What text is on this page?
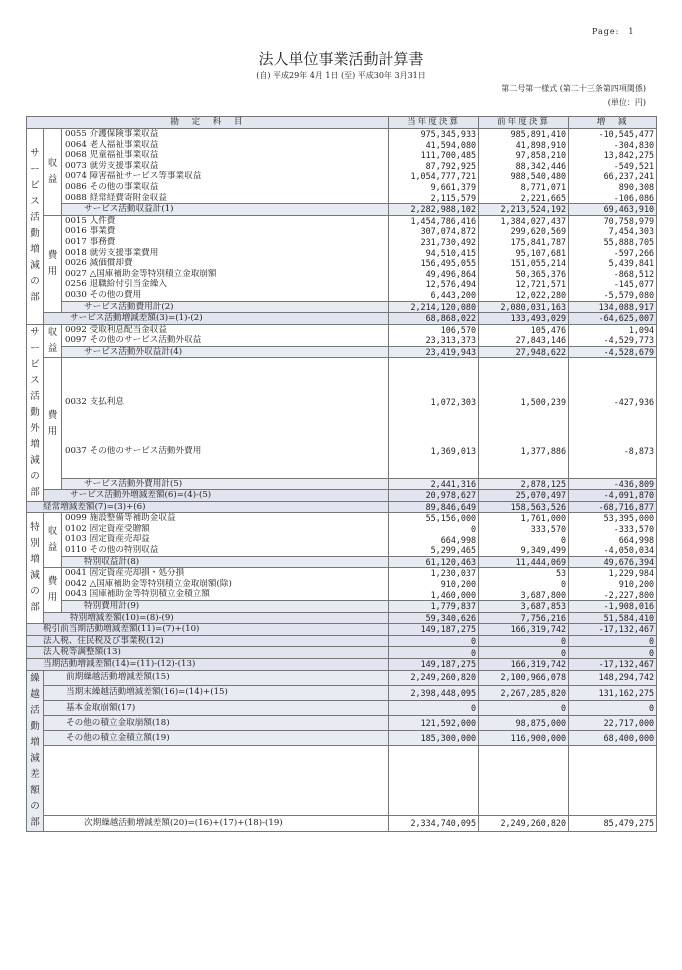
Page:　1
法人単位事業活動計算書
(自) 平成29年 4月 1日 (至) 平成30年 3月31日
第二号第一様式 (第二十三条第四項関係)
(単位：円)
勘　定　科　目			当年度決算	前年度決算	増　減
サービス活動増減の部	収益	0055 介護保険事業収益	975,345,933	985,891,410	-10,545,477
		0064 老人福祉事業収益	41,594,080	41,898,910	-304,830
		0068 児童福祉事業収益	111,700,485	97,858,210	13,842,275
		0073 就労支援事業収益	87,792,925	88,342,446	-549,521
		0074 障害福祉サービス等事業収益	1,054,777,721	988,540,480	66,237,241
		0086 その他の事業収益	9,661,379	8,771,071	890,308
		0088 経常経費寄附金収益	2,115,579	2,221,665	-106,086
		サービス活動収益計(1)	2,282,988,102	2,213,524,192	69,463,910
	費用	0015 人件費	1,454,786,416	1,384,027,437	70,758,979
		0016 事業費	307,074,872	299,620,569	7,454,303
		0017 事務費	231,730,492	175,841,787	55,888,705
		0018 就労支援事業費用	94,510,415	95,107,681	-597,266
		0026 減価償却費	156,495,055	151,055,214	5,439,841
		0027 △国庫補助金等特別積立金取崩額	49,496,864	50,365,376	-868,512
		0256 退職給付引当金繰入	12,576,494	12,721,571	-145,077
		0030 その他の費用	6,443,200	12,022,280	-5,579,080
		サービス活動費用計(2)	2,214,120,080	2,080,031,163	134,088,917
	サービス活動増減差額(3)=(1)-(2)		68,868,022	133,493,029	-64,625,007
サービス活動外増減の部	収益	0092 受取利息配当金収益	106,570	105,476	1,094
		0097 その他のサービス活動外収益	23,313,373	27,843,146	-4,529,773
		サービス活動外収益計(4)	23,419,943	27,948,622	-4,528,679
	費用	0032 支払利息	1,072,303	1,500,239	-427,936
		0037 その他のサービス活動外費用	1,369,013	1,377,886	-8,873

		サービス活動外費用計(5)	2,441,316	2,878,125	-436,809
	サービス活動外増減差額(6)=(4)-(5)		20,978,627	25,070,497	-4,091,870
経常増減差額(7)=(3)+(6)			89,846,649	158,563,526	-68,716,877
特別増減の部	収益	0099 施設整備等補助金収益	55,156,000	1,761,000	53,395,000
		0102 固定資産受贈額	0	333,570	-333,570
		0103 固定資産売却益	664,998	0	664,998
		0110 その他の特別収益	5,299,465	9,349,499	-4,050,034
		特別収益計(8)	61,120,463	11,444,069	49,676,394
	費用	0041 固定資産売却損・処分損	1,230,037	53	1,229,984
		0042 △国庫補助金等特別積立金取崩額(除)	910,200	0	910,200
		0043 国庫補助金等特別積立金積立額	1,460,000	3,687,800	-2,227,800
		特別費用計(9)	1,779,837	3,687,853	-1,908,016
	特別増減差額(10)=(8)-(9)		59,340,626	7,756,216	51,584,410
税引前当期活動増減差額(11)=(7)+(10)			149,187,275	166,319,742	-17,132,467
法人税、住民税及び事業税(12)			0	0	0
法人税等調整額(13)			0	0	0
当期活動増減差額(14)=(11)-(12)-(13)			149,187,275	166,319,742	-17,132,467
繰越活動増減差額の部	前期繰越活動増減差額(15)		2,249,260,820	2,100,966,078	148,294,742
	当期末繰越活動増減差額(16)=(14)+(15)		2,398,448,095	2,267,285,820	131,162,275
	基本金取崩額(17)		0	0	0
	その他の積立金取崩額(18)		121,592,000	98,875,000	22,717,000
	その他の積立金積立額(19)		185,300,000	116,900,000	68,400,000

	次期繰越活動増減差額(20)=(16)+(17)+(18)-(19)		2,334,740,095	2,249,260,820	85,479,275
